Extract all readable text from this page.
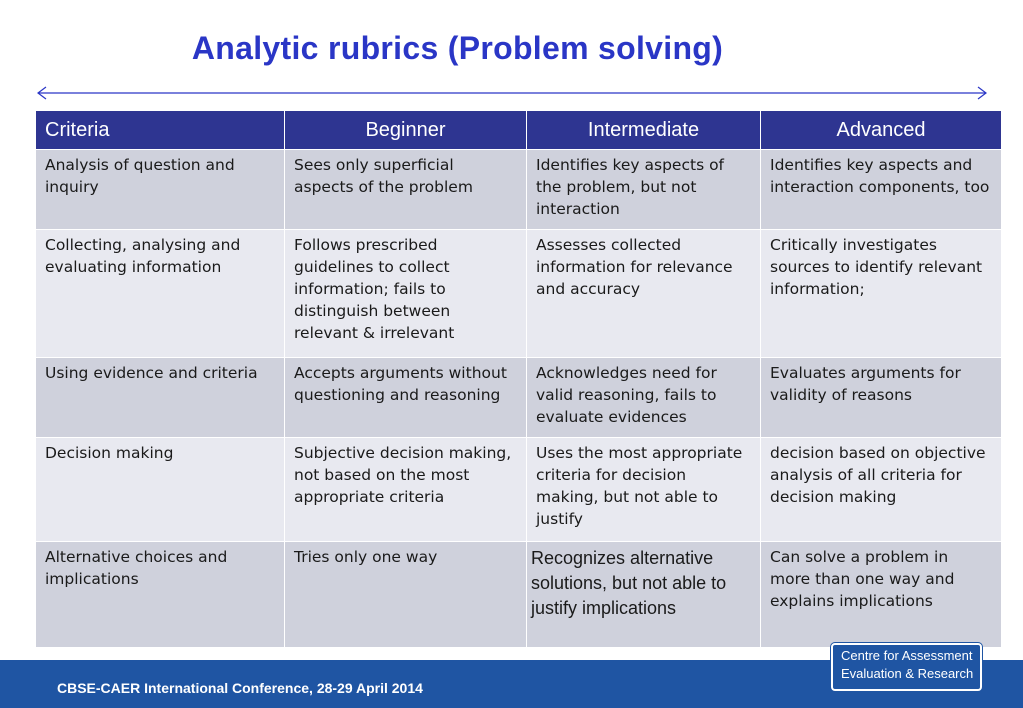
Analytic rubrics (Problem solving)
Criteria	Beginner	Intermediate	Advanced
Analysis of question and inquiry	Sees only superficial aspects of the problem	Identifies key aspects of the problem, but not interaction	Identifies key aspects and interaction components, too
Collecting, analysing and evaluating information	Follows prescribed guidelines to collect information; fails to distinguish between relevant & irrelevant	Assesses collected information for relevance and accuracy	Critically investigates sources to identify relevant information;
Using evidence and criteria	Accepts arguments without questioning and reasoning	Acknowledges need for valid reasoning, fails to evaluate evidences	Evaluates arguments for validity of reasons
Decision making	Subjective decision making, not based on the most appropriate criteria	Uses the most appropriate criteria for decision making, but not able to justify	decision based on objective analysis of all criteria for decision making
Alternative choices and implications	Tries only one way	Recognizes alternative solutions, but not able to justify implications	Can solve a problem in more than one way and explains implications
CBSE-CAER International Conference, 28-29 April 2014
Centre for Assessment
Evaluation & Research
